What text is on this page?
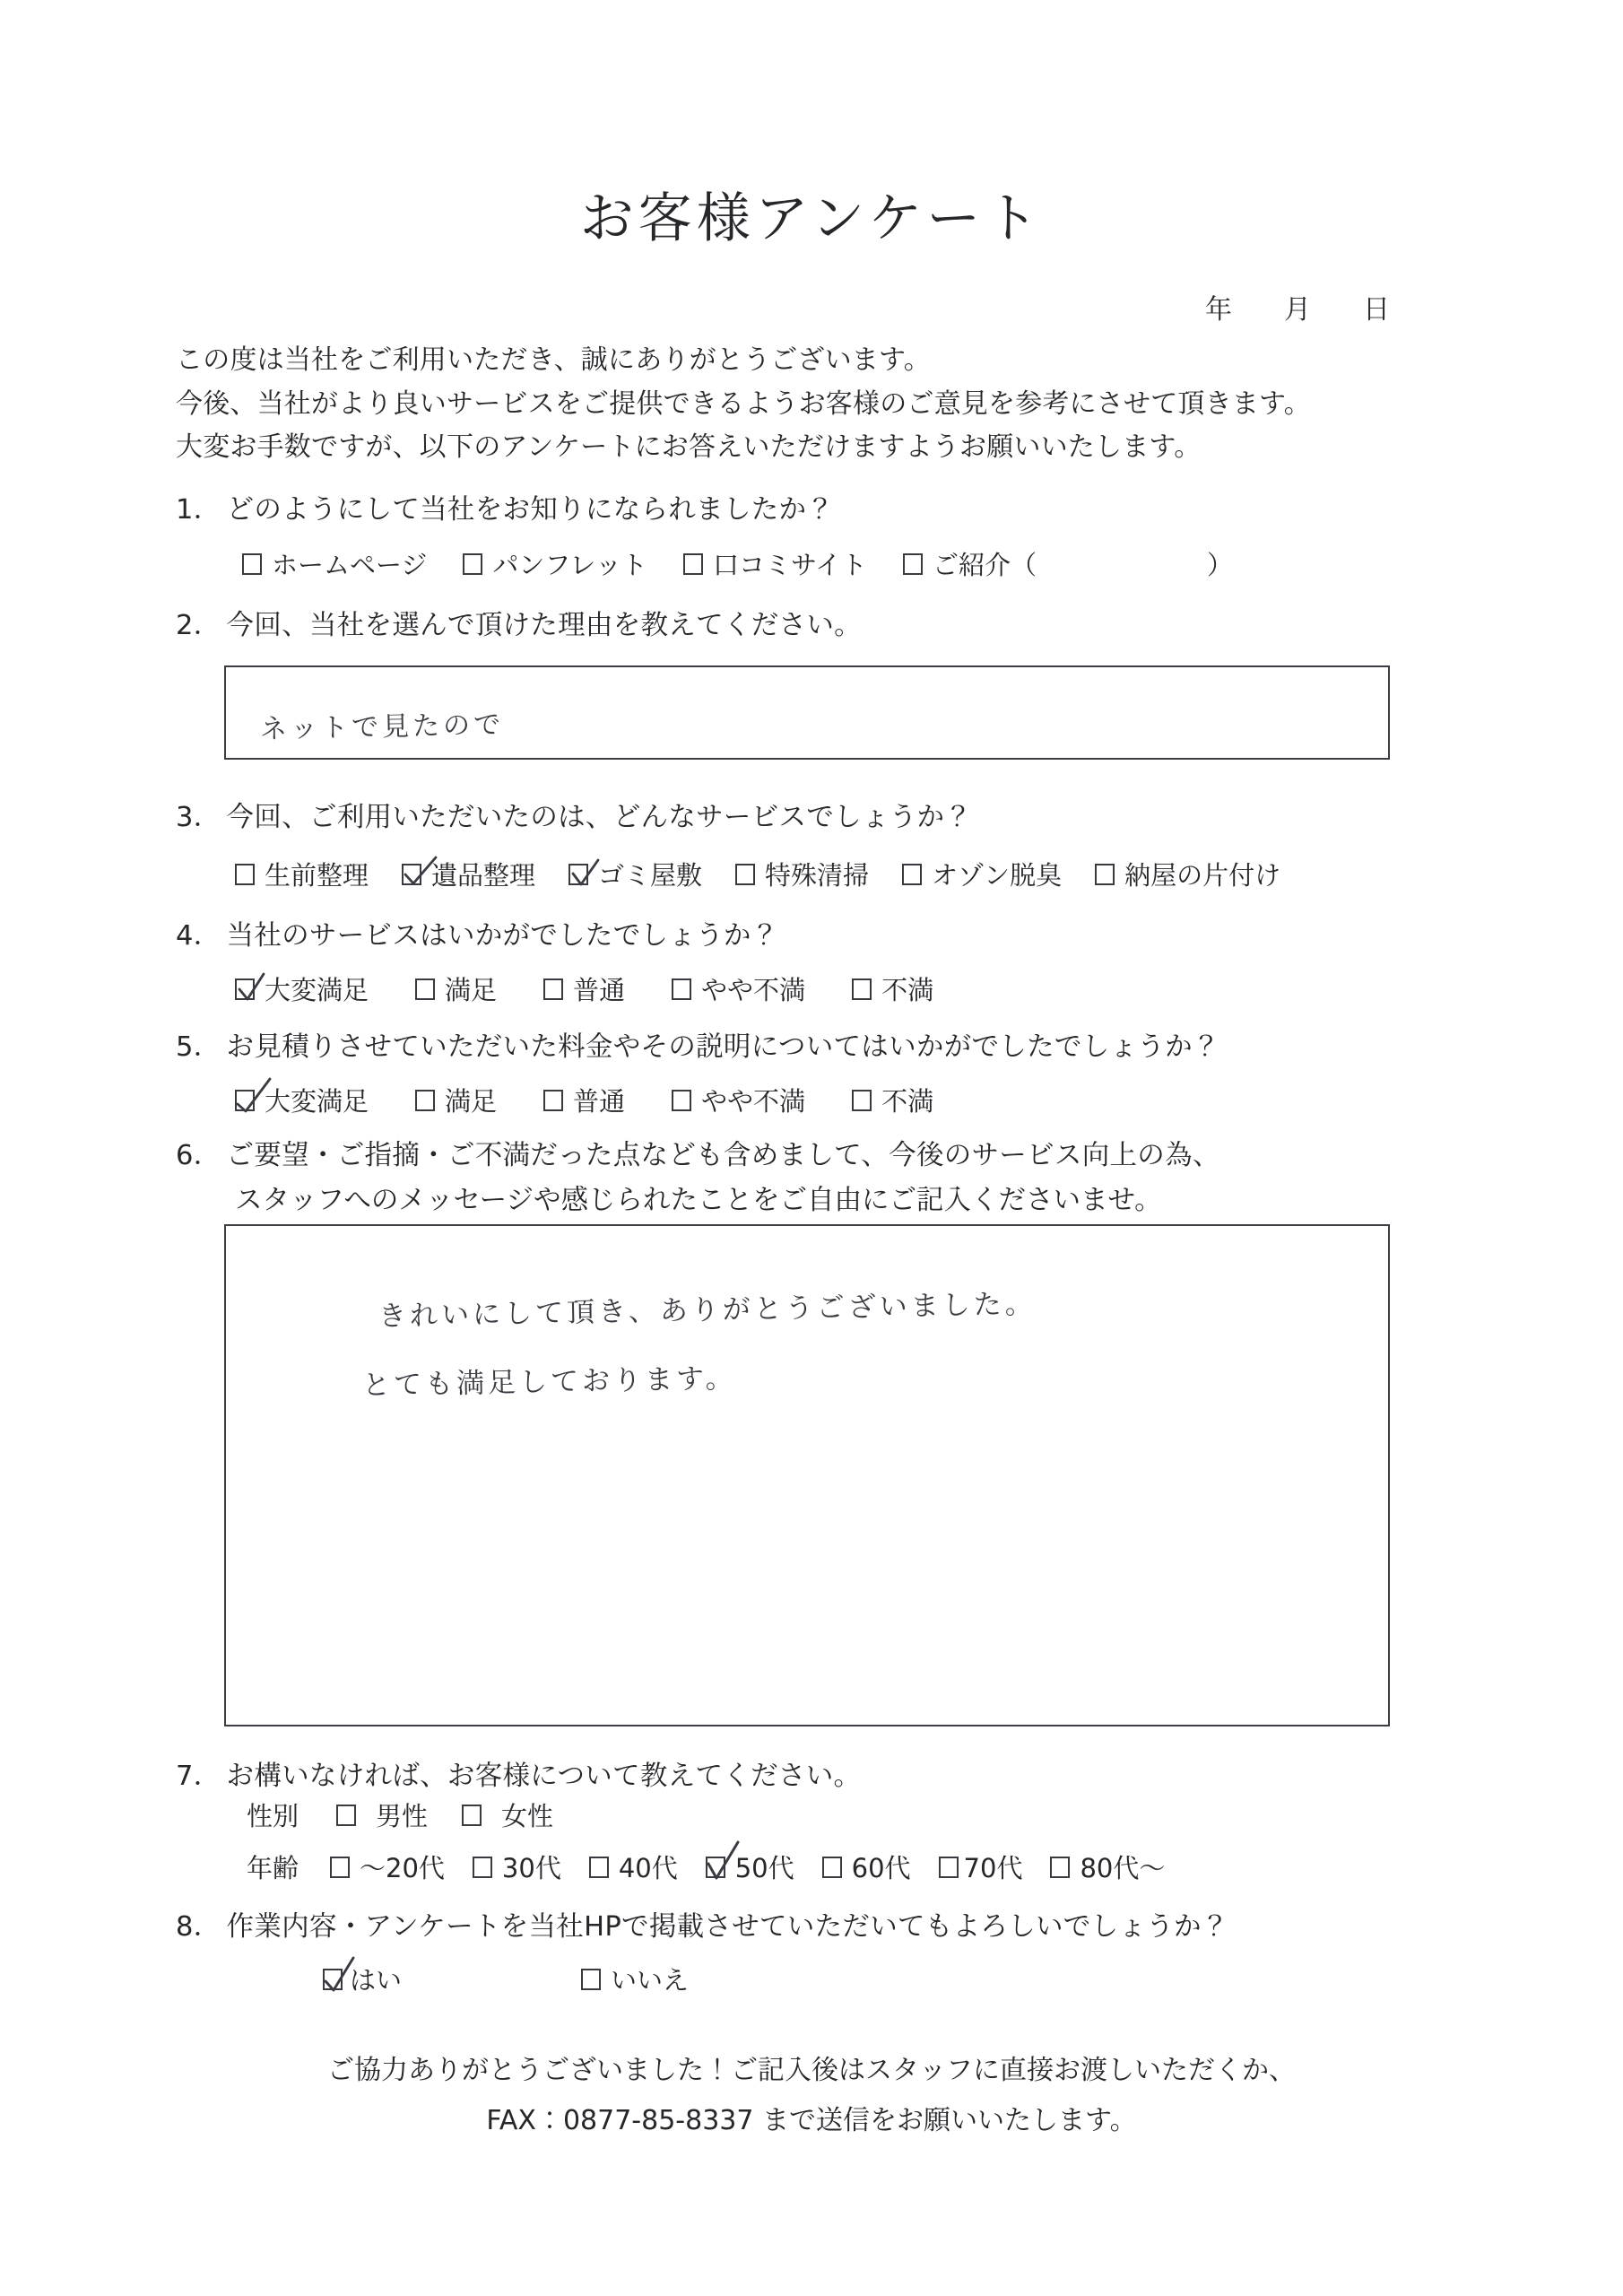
お客様アンケート
年 月 日
この度は当社をご利用いただき、誠にありがとうございます。
今後、当社がより良いサービスをご提供できるようお客様のご意見を参考にさせて頂きます。
大変お手数ですが、以下のアンケートにお答えいただけますようお願いいたします。
1． どのようにして当社をお知りになられましたか？
ホームページ	パンフレット	口コミサイト	ご紹介（	）
2． 今回、当社を選んで頂けた理由を教えてください。
ネットで見たので
3． 今回、ご利用いただいたのは、どんなサービスでしょうか？
生前整理 遺品整理 ゴミ屋敷 特殊清掃 オゾン脱臭 納屋の片付け
4． 当社のサービスはいかがでしたでしょうか？
大変満足	満足	普通	やや不満	不満
5． お見積りさせていただいた料金やその説明についてはいかがでしたでしょうか？
大変満足	満足	普通	やや不満	不満
6． ご要望・ご指摘・ご不満だった点なども含めまして、今後のサービス向上の為、
スタッフへのメッセージや感じられたことをご自由にご記入くださいませ。
きれいにして頂き、ありがとうございました。
とても満足しております。
7． お構いなければ、お客様について教えてください。
性別	男性	女性
年齢 ～20代 30代 40代 50代 60代 70代 80代～
8． 作業内容・アンケートを当社HPで掲載させていただいてもよろしいでしょうか？
はい	いいえ
ご協力ありがとうございました！ご記入後はスタッフに直接お渡しいただくか、
FAX：0877-85-8337 まで送信をお願いいたします。
